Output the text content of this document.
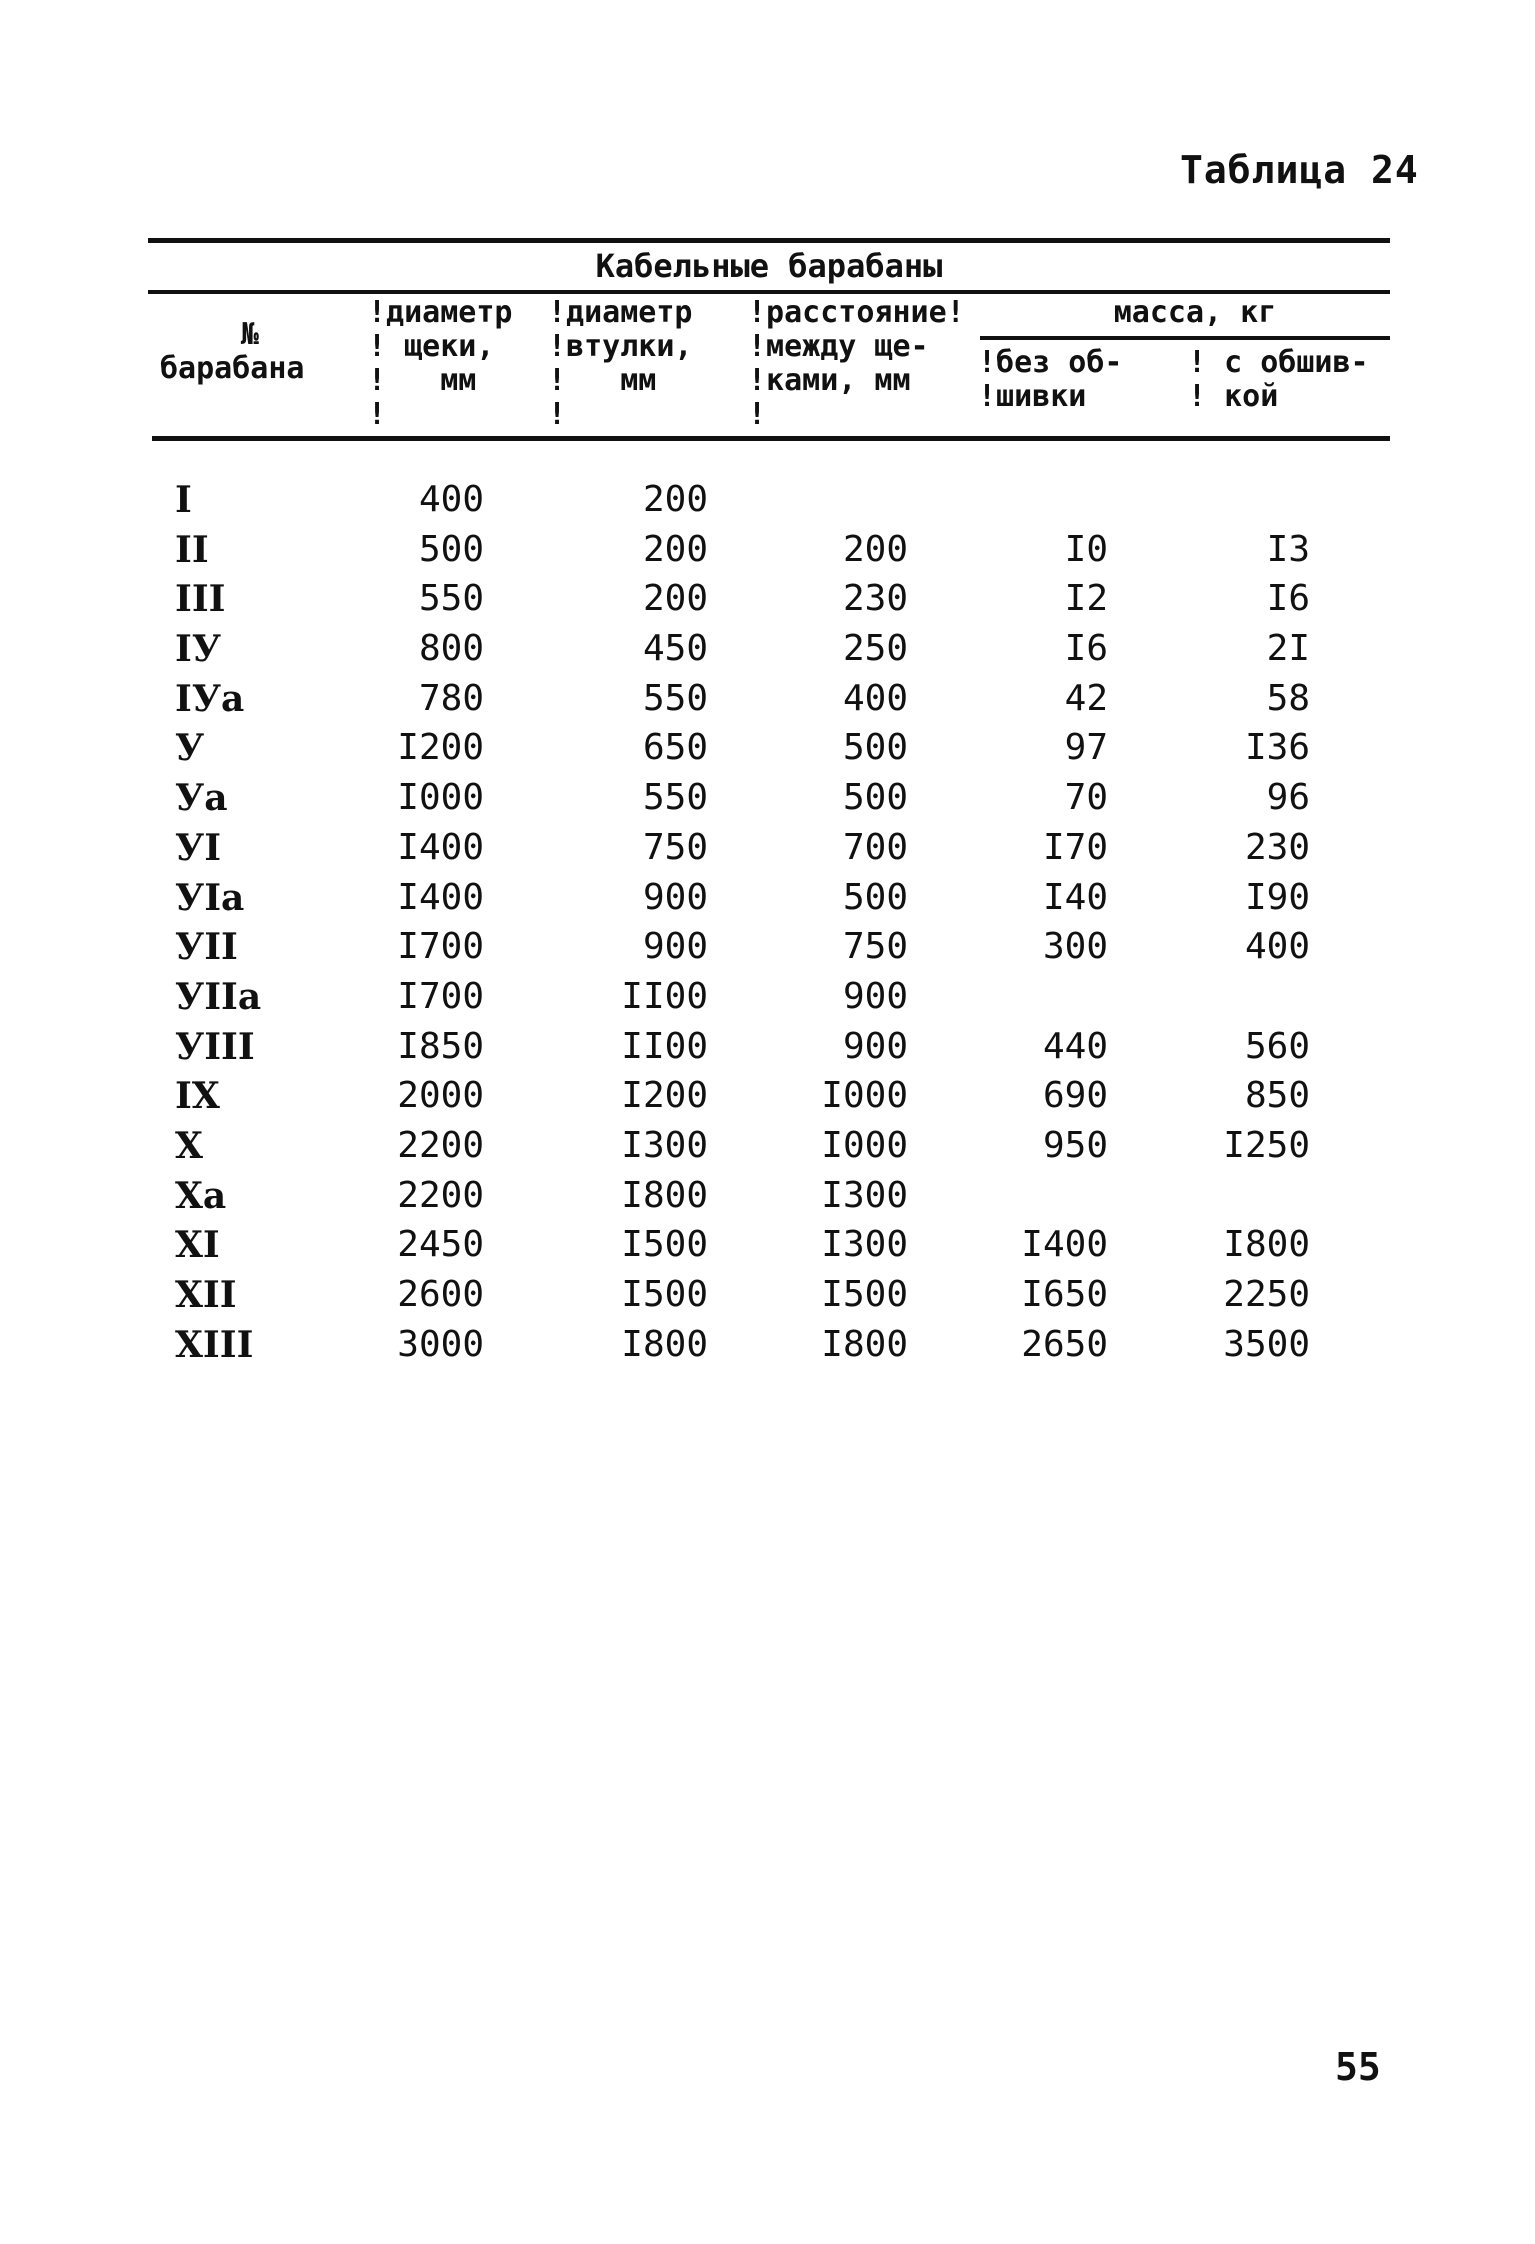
Таблица 24
Кабельные барабаны
№
барабана
!диаметр
! щеки,
!   мм
!
!диаметр
!втулки,
!   мм
!
!расстояние!
!между ще-
!ками, мм
!
масса, кг
!без об-
!шивки
! с обшив-
! кой
I	400	200
II	500	200	200	I0	I3
III	550	200	230	I2	I6
IУ	800	450	250	I6	2I
IУа	780	550	400	42	58
У	I200	650	500	97	I36
Уа	I000	550	500	70	96
УI	I400	750	700	I70	230
УIа	I400	900	500	I40	I90
УII	I700	900	750	300	400
УIIа	I700	II00	900
УIII	I850	II00	900	440	560
IX	2000	I200	I000	690	850
X	2200	I300	I000	950	I250
Xа	2200	I800	I300
XI	2450	I500	I300	I400	I800
XII	2600	I500	I500	I650	2250
XIII	3000	I800	I800	2650	3500
55
